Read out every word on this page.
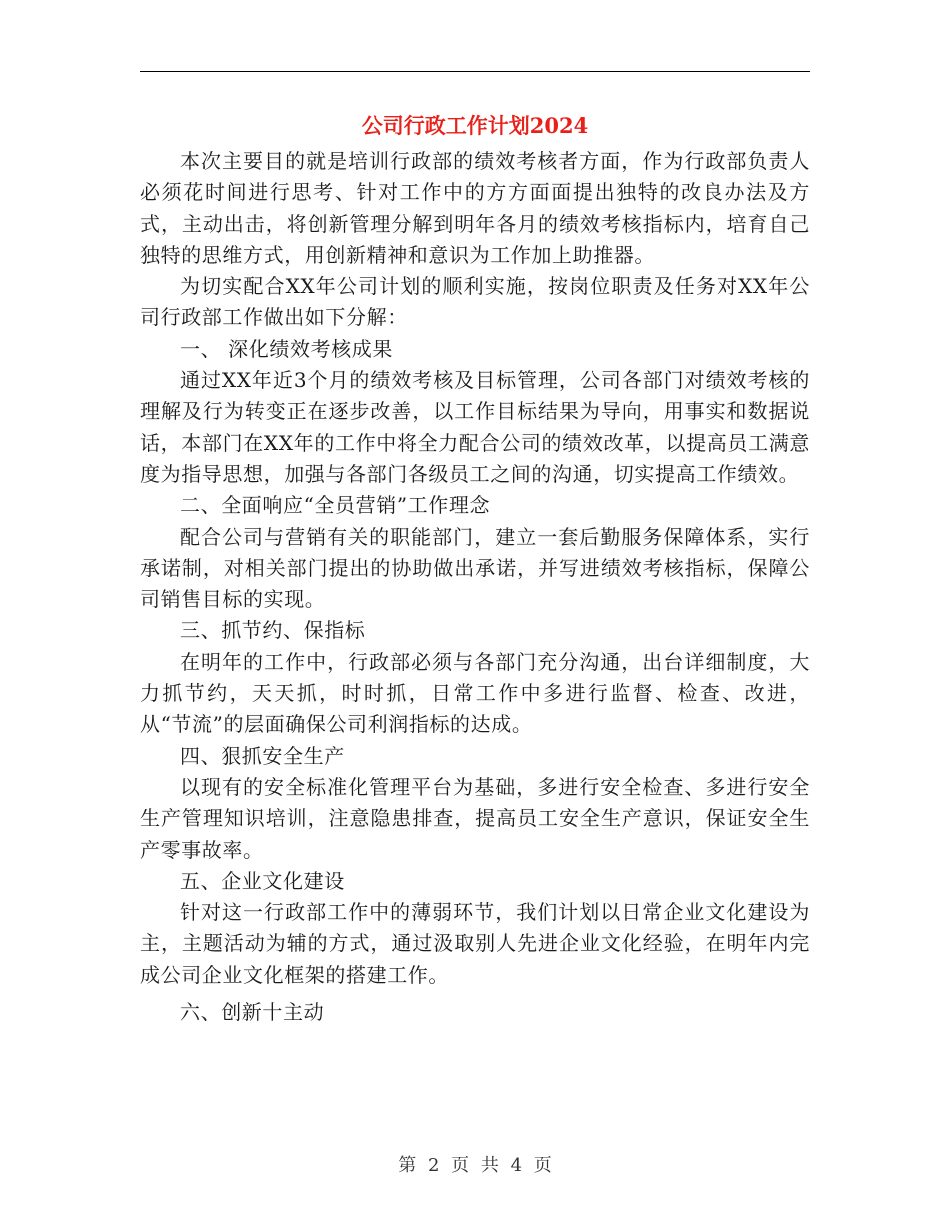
公司行政工作计划2024

本次主要目的就是培训行政部的绩效考核者方面，作为行政部负责人必须花时间进行思考、针对工作中的方方面面提出独特的改良办法及方式，主动出击，将创新管理分解到明年各月的绩效考核指标内，培育自己独特的思维方式，用创新精神和意识为工作加上助推器。

为切实配合XX年公司计划的顺利实施，按岗位职责及任务对XX年公司行政部工作做出如下分解：

一、 深化绩效考核成果

通过XX年近3个月的绩效考核及目标管理，公司各部门对绩效考核的理解及行为转变正在逐步改善，以工作目标结果为导向，用事实和数据说话，本部门在XX年的工作中将全力配合公司的绩效改革，以提高员工满意度为指导思想，加强与各部门各级员工之间的沟通，切实提高工作绩效。

二、全面响应“全员营销”工作理念

配合公司与营销有关的职能部门，建立一套后勤服务保障体系，实行承诺制，对相关部门提出的协助做出承诺，并写进绩效考核指标，保障公司销售目标的实现。

三、抓节约、保指标

在明年的工作中，行政部必须与各部门充分沟通，出台详细制度，大力抓节约，天天抓，时时抓，日常工作中多进行监督、检查、改进，从“节流”的层面确保公司利润指标的达成。

四、狠抓安全生产

以现有的安全标准化管理平台为基础，多进行安全检查、多进行安全生产管理知识培训，注意隐患排查，提高员工安全生产意识，保证安全生产零事故率。

五、企业文化建设

针对这一行政部工作中的薄弱环节，我们计划以日常企业文化建设为主，主题活动为辅的方式，通过汲取别人先进企业文化经验，在明年内完成公司企业文化框架的搭建工作。

六、创新十主动

第 2 页 共 4 页
